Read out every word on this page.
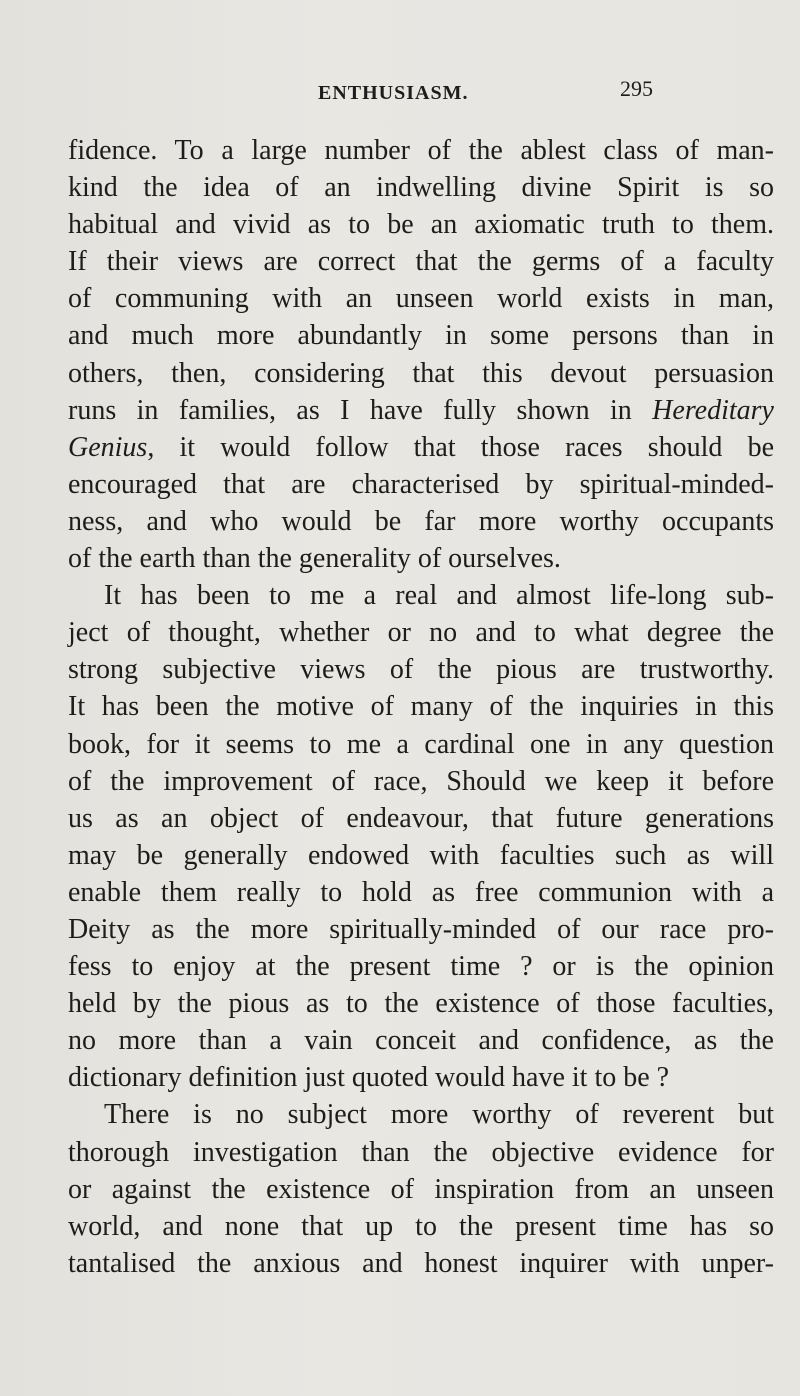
ENTHUSIASM.	295
fidence. To a large number of the ablest class of man-
kind the idea of an indwelling divine Spirit is so
habitual and vivid as to be an axiomatic truth to them.
If their views are correct that the germs of a faculty
of communing with an unseen world exists in man,
and much more abundantly in some persons than in
others, then, considering that this devout persuasion
runs in families, as I have fully shown in Hereditary
Genius, it would follow that those races should be
encouraged that are characterised by spiritual-minded-
ness, and who would be far more worthy occupants
of the earth than the generality of ourselves.
It has been to me a real and almost life-long sub-
ject of thought, whether or no and to what degree the
strong subjective views of the pious are trustworthy.
It has been the motive of many of the inquiries in this
book, for it seems to me a cardinal one in any question
of the improvement of race, Should we keep it before
us as an object of endeavour, that future generations
may be generally endowed with faculties such as will
enable them really to hold as free communion with a
Deity as the more spiritually-minded of our race pro-
fess to enjoy at the present time ? or is the opinion
held by the pious as to the existence of those faculties,
no more than a vain conceit and confidence, as the
dictionary definition just quoted would have it to be ?
There is no subject more worthy of reverent but
thorough investigation than the objective evidence for
or against the existence of inspiration from an unseen
world, and none that up to the present time has so
tantalised the anxious and honest inquirer with unper-
